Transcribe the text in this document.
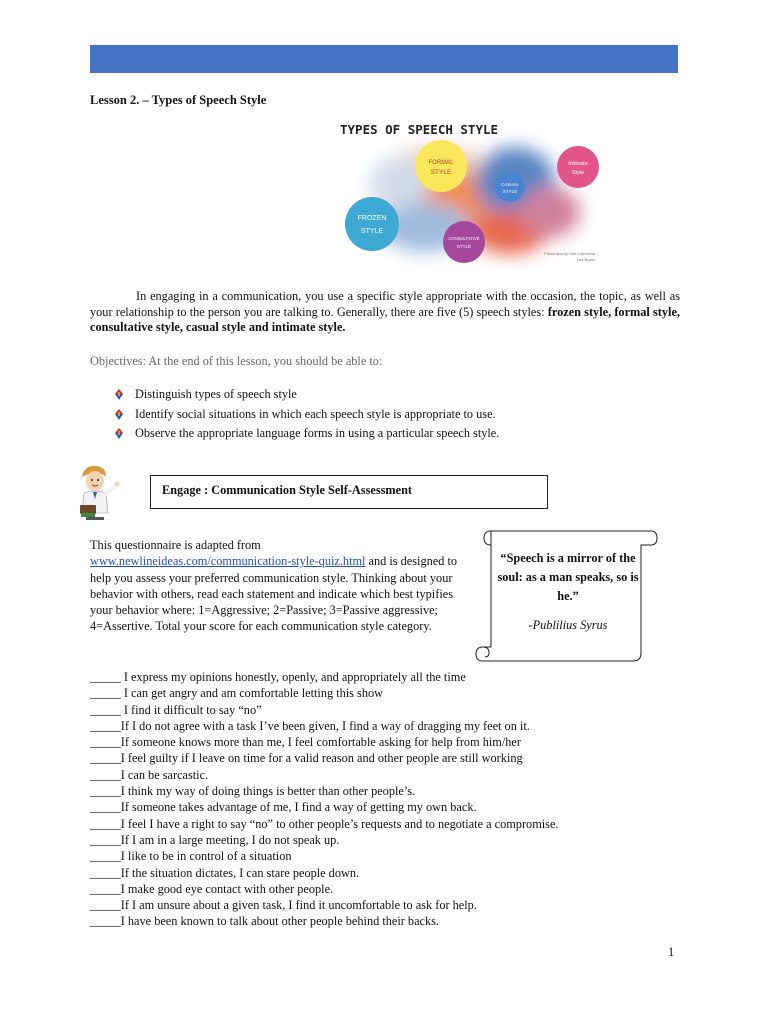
Lesson 2. – Types of Speech Style
TYPES OF SPEECH STYLE
FORMAL
STYLE
Intimate
Style
CASUAL
STYLE
FROZEN
STYLE
CONSULTATIVE
STYLE
Presented by: Lea Layosetta
Lea Bryan
In engaging in a communication, you use a specific style appropriate with the occasion, the topic, as well as your relationship to the person you are talking to. Generally, there are five (5) speech styles: frozen style, formal style, consultative style, casual style and intimate style.
Objectives: At the end of this lesson, you should be able to:
Distinguish types of speech style
Identify social situations in which each speech style is appropriate to use.
Observe the appropriate language forms in using a particular speech style.
Engage : Communication Style Self-Assessment
This questionnaire is adapted from
www.newlineideas.com/communication-style-quiz.html and is designed to help you assess your preferred communication style. Thinking about your behavior with others, read each statement and indicate which best typifies your behavior where: 1=Aggressive; 2=Passive; 3=Passive aggressive; 4=Assertive. Total your score for each communication style category.
“Speech is a mirror of the soul: as a man speaks, so is he.”
-Publilius Syrus
_____ I express my opinions honestly, openly, and appropriately all the time
_____ I can get angry and am comfortable letting this show
_____ I find it difficult to say “no”
_____If I do not agree with a task I’ve been given, I find a way of dragging my feet on it.
_____If someone knows more than me, I feel comfortable asking for help from him/her
_____I feel guilty if I leave on time for a valid reason and other people are still working
_____I can be sarcastic.
_____I think my way of doing things is better than other people’s.
_____If someone takes advantage of me, I find a way of getting my own back.
_____I feel I have a right to say “no” to other people’s requests and to negotiate a compromise.
_____If I am in a large meeting, I do not speak up.
_____I like to be in control of a situation
_____If the situation dictates, I can stare people down.
_____I make good eye contact with other people.
_____If I am unsure about a given task, I find it uncomfortable to ask for help.
_____I have been known to talk about other people behind their backs.
1
